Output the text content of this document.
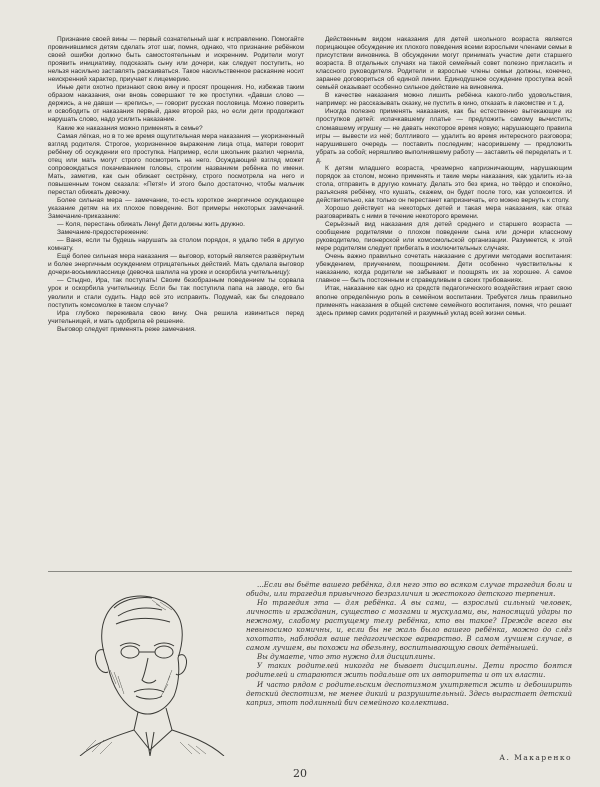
Признание своей вины — первый сознательный шаг к исправлению. Помогайте провинившимся детям сделать этот шаг, помня, однако, что признание ребёнком своей ошибки должно быть самостоятельным и искренним. Родители могут проявить инициативу, подсказать сыну или дочери, как следует поступить, но нельзя насильно заставлять раскаиваться. Такое насильственное раскаяние носит неискренний характер, приучает к лицемерию.

Иные дети охотно признают свою вину и просят прощения. Но, избежав таким образом наказания, они вновь совершают те же проступки. «Давши слово — держись, а не давши — крепись», — говорит русская пословица. Можно поверить и освободить от наказания первый, даже второй раз, но если дети продолжают нарушать слово, надо усилить наказание.

Какие же наказания можно применять в семье?

Самая лёгкая, но в то же время ощутительная мера наказания — укоризненный взгляд родителя. Строгое, укоризненное выражение лица отца, матери говорит ребёнку об осуждении его проступка. Например, если школьник разлил чернила, отец или мать могут строго посмотреть на него. Осуждающий взгляд может сопровождаться покачиванием головы, строгим названием ребёнка по имени. Мать, заметив, как сын обижает сестрёнку, строго посмотрела на него и повышенным тоном сказала: «Петя!» И этого было достаточно, чтобы мальчик перестал обижать девочку.

Более сильная мера — замечание, то-есть короткое энергичное осуждающее указание детям на их плохое поведение. Вот примеры некоторых замечаний. Замечание-приказание:

— Коля, перестань обижать Лену! Дети должны жить дружно.

Замечание-предостережение:

— Ваня, если ты будешь нарушать за столом порядок, я удалю тебя в другую комнату.

Ещё более сильная мера наказания — выговор, который является развёрнутым и более энергичным осуждением отрицательных действий. Мать сделала выговор дочери-восьмикласснице (девочка шалила на уроке и оскорбила учительницу):

— Стыдно, Ира, так поступать! Своим безобразным поведением ты сорвала урок и оскорбила учительницу. Если бы так поступила папа на заводе, его бы уволили и стали судить. Надо всё это исправить. Подумай, как бы следовало поступить комсомолке в таком случае?

Ира глубоко переживала свою вину. Она решила извиниться перед учительницей, и мать одобрила её решение.

Выговор следует применять реже замечания.

Действенным видом наказания для детей школьного возраста является порицающее обсуждение их плохого поведения всеми взрослыми членами семьи в присутствии виновника. В обсуждении могут принимать участие дети старшего возраста. В отдельных случаях на такой семейный совет полезно пригласить и классного руководителя. Родители и взрослые члены семьи должны, конечно, заранее договориться об единой линии. Единодушное осуждение проступка всей семьёй оказывает особенно сильное действие на виновника.

В качестве наказания можно лишить ребёнка какого-либо удовольствия, например: не рассказывать сказку, не пустить в кино, отказать в лакомстве и т. д.

Иногда полезно применять наказания, как бы естественно вытекающие из проступков детей: испачкавшему платье — предложить самому вычистить; сломавшему игрушку — не давать некоторое время новую; нарушающего правила игры — вывести из неё; болтливого — удалить во время интересного разговора; нарушившего очередь — поставить последним; насорившему — предложить убрать за собой; неряшливо выполнившему работу — заставить её переделать и т. д.

К детям младшего возраста, чрезмерно капризничающим, нарушающим порядок за столом, можно применять и такие меры наказания, как удалить из-за стола, отправить в другую комнату. Делать это без крика, но твёрдо и спокойно, разъясняя ребёнку, что кушать, скажем, он будет после того, как успокоится. И действительно, как только он перестанет капризничать, его можно вернуть к столу.

Хорошо действует на некоторых детей и такая мера наказания, как отказ разговаривать с ними в течение некоторого времени.

Серьёзный вид наказания для детей среднего и старшего возраста — сообщение родителями о плохом поведении сына или дочери классному руководителю, пионерской или комсомольской организации. Разумеется, к этой мере родителям следует прибегать в исключительных случаях.

Очень важно правильно сочетать наказание с другими методами воспитания: убеждением, приучением, поощрением. Дети особенно чувствительны к наказанию, когда родители не забывают и поощрять их за хорошее. А самое главное — быть постоянным и справедливым в своих требованиях.

Итак, наказание как одно из средств педагогического воздействия играет свою вполне определённую роль в семейном воспитании. Требуется лишь правильно применять наказания в общей системе семейного воспитания, помня, что решает здесь пример самих родителей и разумный уклад всей жизни семьи.

...Если вы бьёте вашего ребёнка, для него это во всяком случае трагедия боли и обиды, или трагедия привычного безразличия и жестокого детского терпения.

Но трагедия эта — для ребёнка. А вы сами, — взрослый сильный человек, личность и гражданин, существо с мозгами и мускулами, вы, наносящий удары по нежному, слабому растущему телу ребёнка, кто вы такое? Прежде всего вы невыносимо комичны, и, если бы не жаль было вашего ребёнка, можно до слёз хохотать, наблюдая ваше педагогическое варварство. В самом лучшем случае, в самом лучшем, вы похожи на обезьяну, воспитывающую своих детёнышей.

Вы думаете, что это нужно для дисциплины.

У таких родителей никогда не бывает дисциплины. Дети просто боятся родителей и стараются жить подальше от их авторитета и от их власти.

И часто рядом с родительским деспотизмом ухитряется жить и дебоширить детский деспотизм, не менее дикий и разрушительный. Здесь вырастает детский каприз, этот подлинный бич семейного коллектива.

А. Макаренко
20
